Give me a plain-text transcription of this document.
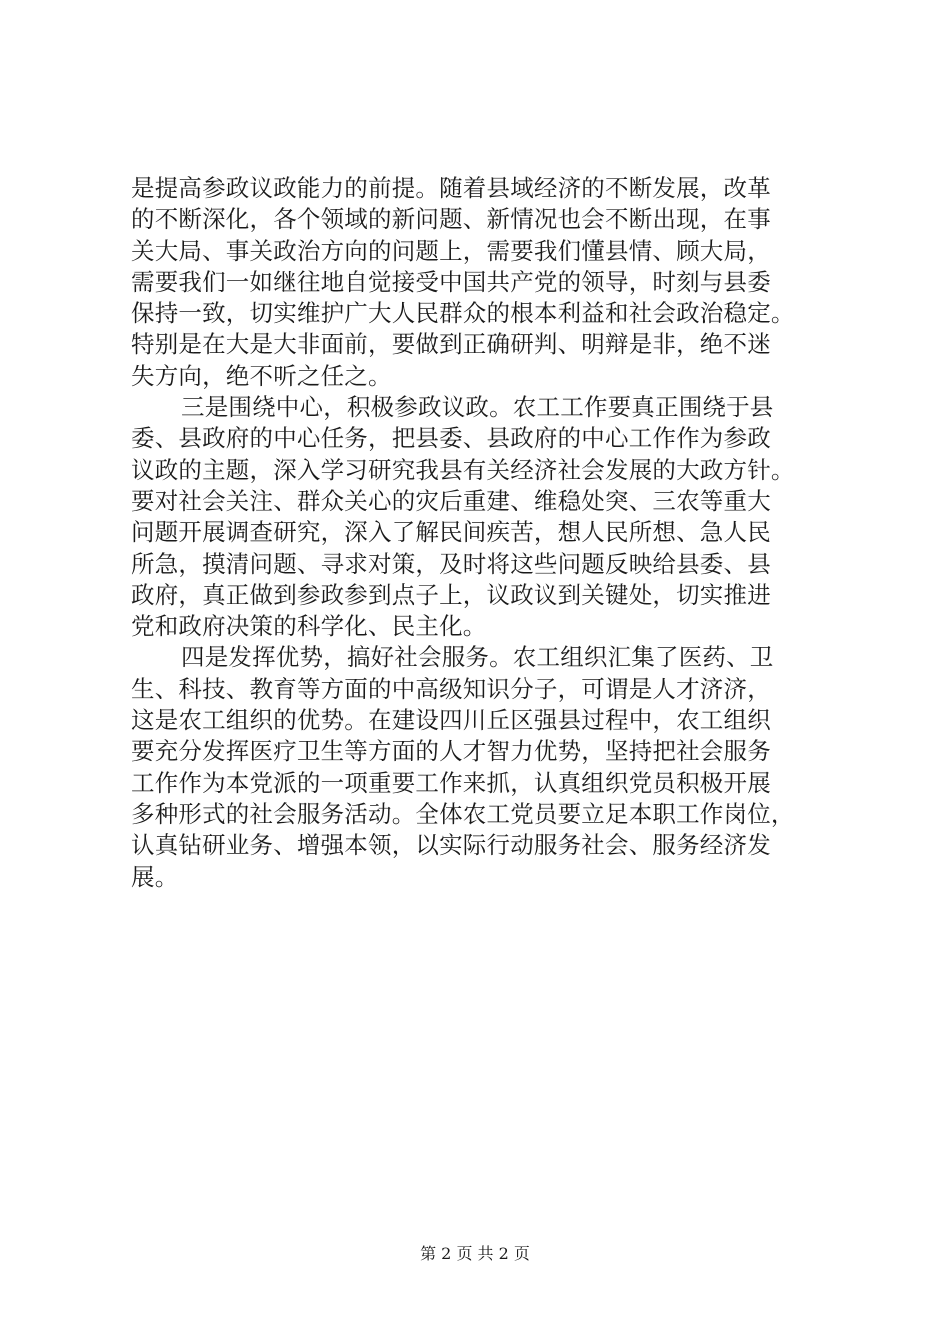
是提高参政议政能力的前提。随着县域经济的不断发展，改革
的不断深化，各个领域的新问题、新情况也会不断出现，在事
关大局、事关政治方向的问题上，需要我们懂县情、顾大局，
需要我们一如继往地自觉接受中国共产党的领导，时刻与县委
保持一致，切实维护广大人民群众的根本利益和社会政治稳定。
特别是在大是大非面前，要做到正确研判、明辩是非，绝不迷
失方向，绝不听之任之。
三是围绕中心，积极参政议政。农工工作要真正围绕于县
委、县政府的中心任务，把县委、县政府的中心工作作为参政
议政的主题，深入学习研究我县有关经济社会发展的大政方针。
要对社会关注、群众关心的灾后重建、维稳处突、三农等重大
问题开展调查研究，深入了解民间疾苦，想人民所想、急人民
所急，摸清问题、寻求对策，及时将这些问题反映给县委、县
政府，真正做到参政参到点子上，议政议到关键处，切实推进
党和政府决策的科学化、民主化。
四是发挥优势，搞好社会服务。农工组织汇集了医药、卫
生、科技、教育等方面的中高级知识分子，可谓是人才济济，
这是农工组织的优势。在建设四川丘区强县过程中，农工组织
要充分发挥医疗卫生等方面的人才智力优势，坚持把社会服务
工作作为本党派的一项重要工作来抓，认真组织党员积极开展
多种形式的社会服务活动。全体农工党员要立足本职工作岗位，
认真钻研业务、增强本领，以实际行动服务社会、服务经济发
展。
第 2 页 共 2 页
